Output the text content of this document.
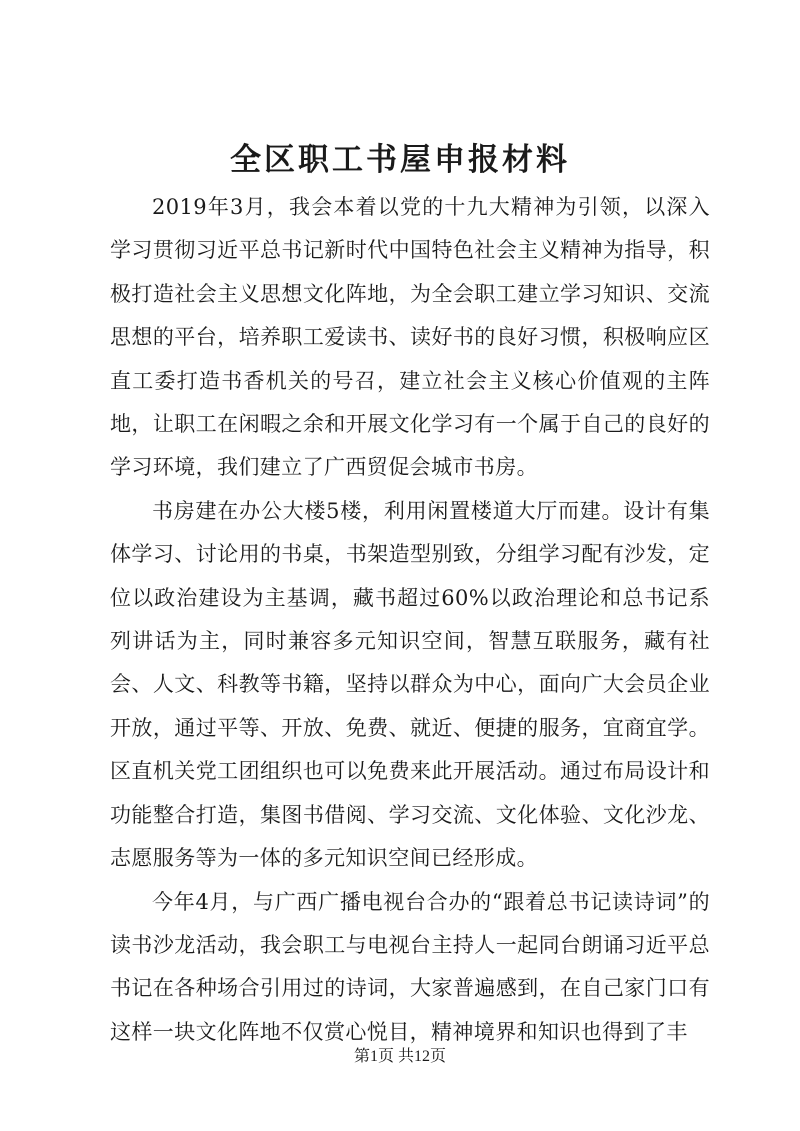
全区职工书屋申报材料

2019年3月，我会本着以党的十九大精神为引领，以深入学习贯彻习近平总书记新时代中国特色社会主义精神为指导，积极打造社会主义思想文化阵地，为全会职工建立学习知识、交流思想的平台，培养职工爱读书、读好书的良好习惯，积极响应区直工委打造书香机关的号召，建立社会主义核心价值观的主阵地，让职工在闲暇之余和开展文化学习有一个属于自己的良好的学习环境，我们建立了广西贸促会城市书房。

书房建在办公大楼5楼，利用闲置楼道大厅而建。设计有集体学习、讨论用的书桌，书架造型别致，分组学习配有沙发，定位以政治建设为主基调，藏书超过60%以政治理论和总书记系列讲话为主，同时兼容多元知识空间，智慧互联服务，藏有社会、人文、科教等书籍，坚持以群众为中心，面向广大会员企业开放，通过平等、开放、免费、就近、便捷的服务，宜商宜学。区直机关党工团组织也可以免费来此开展活动。通过布局设计和功能整合打造，集图书借阅、学习交流、文化体验、文化沙龙、志愿服务等为一体的多元知识空间已经形成。

今年4月，与广西广播电视台合办的“跟着总书记读诗词”的读书沙龙活动，我会职工与电视台主持人一起同台朗诵习近平总书记在各种场合引用过的诗词，大家普遍感到，在自己家门口有这样一块文化阵地不仅赏心悦目，精神境界和知识也得到了丰

第1页 共12页
